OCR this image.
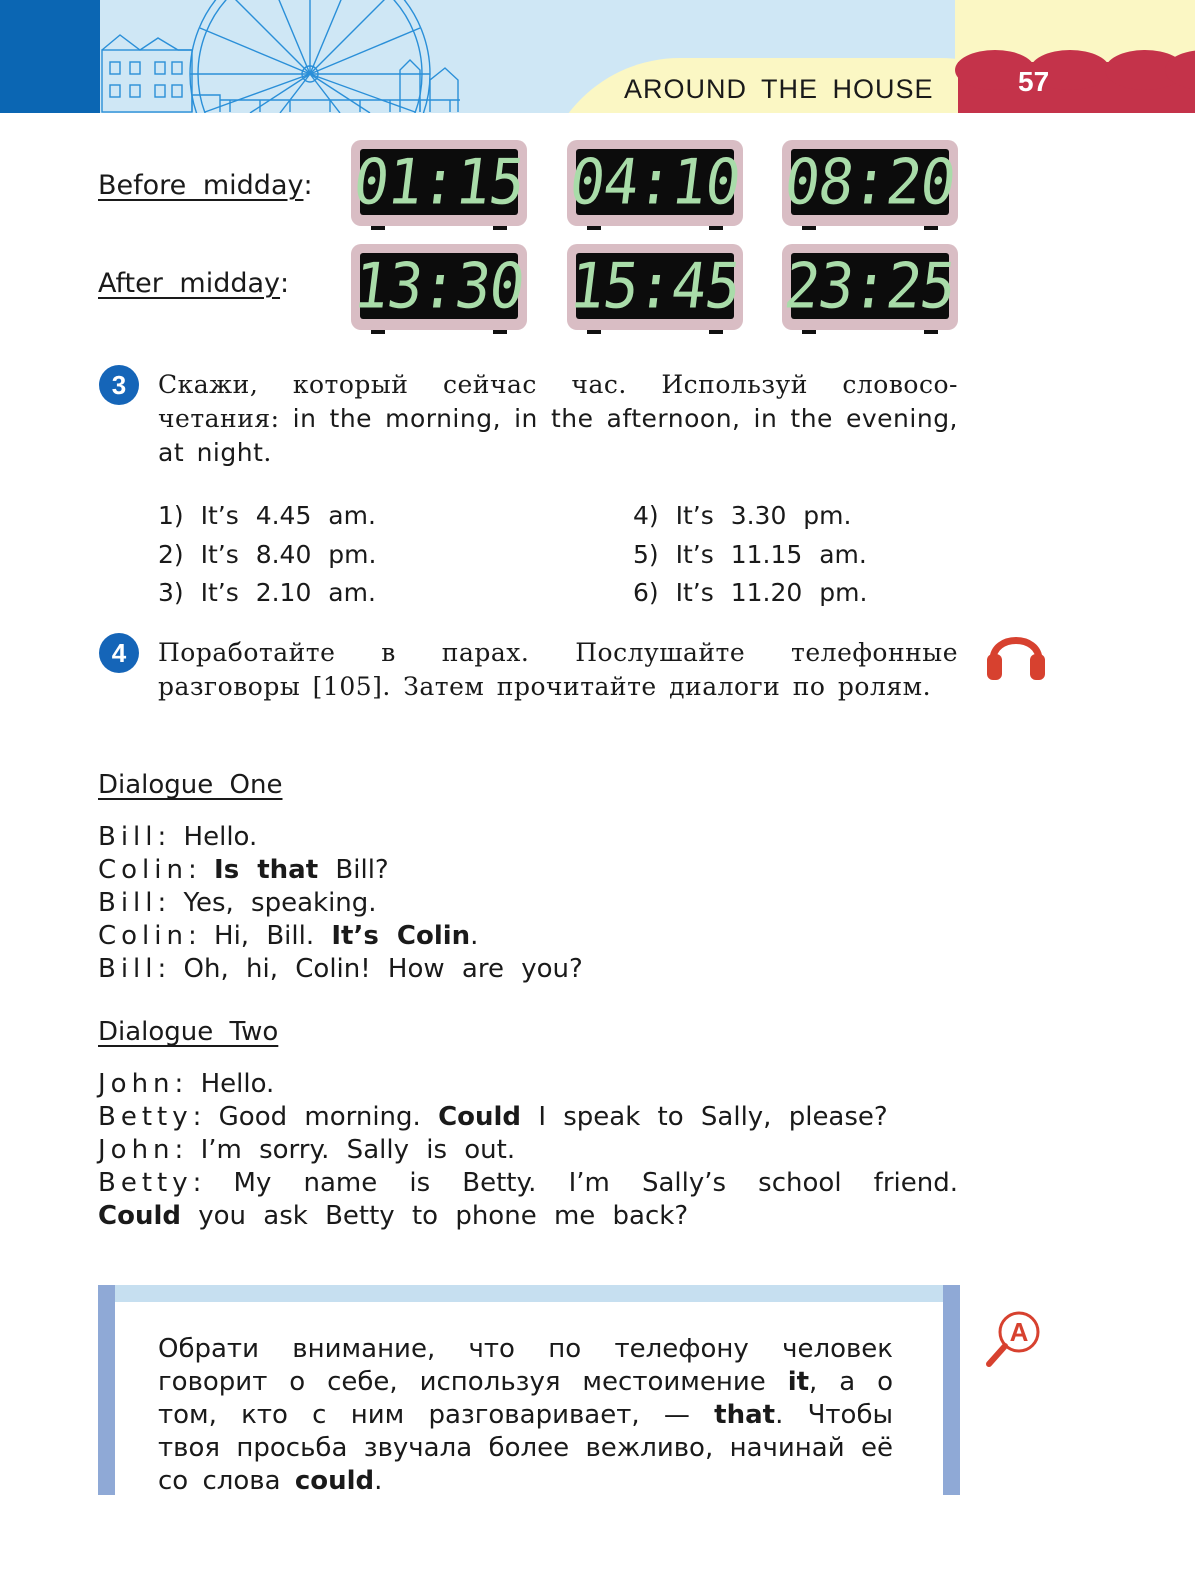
AROUND THE HOUSE	57
Before midday:
After midday:
01:15 04:10 08:20
13:30 15:45 23:25
3	Скажи, который сейчас час. Используй словосо- четания: in the morning, in the afternoon, in the evening, at night.
1) It’s 4.45 am.
2) It’s 8.40 pm.
3) It’s 2.10 am.
4) It’s 3.30 pm.
5) It’s 11.15 am.
6) It’s 11.20 pm.
4	Поработайте в парах. Послушайте телефонные разговоры [105]. Затем прочитайте диалоги по ролям.
Dialogue One
Bill: Hello.
Colin: Is that Bill?
Bill: Yes, speaking.
Colin: Hi, Bill. It’s Colin.
Bill: Oh, hi, Colin! How are you?
Dialogue Two
John: Hello.
Betty: Good morning. Could I speak to Sally, please?
John: I’m sorry. Sally is out.
Betty: My name is Betty. I’m Sally’s school friend.
Could you ask Betty to phone me back?
Обрати внимание, что по телефону человек говорит о себе, используя местоимение it, а о том, кто с ним разговаривает, — that. Чтобы твоя просьба звучала более вежливо, начинай её со слова could.
A
